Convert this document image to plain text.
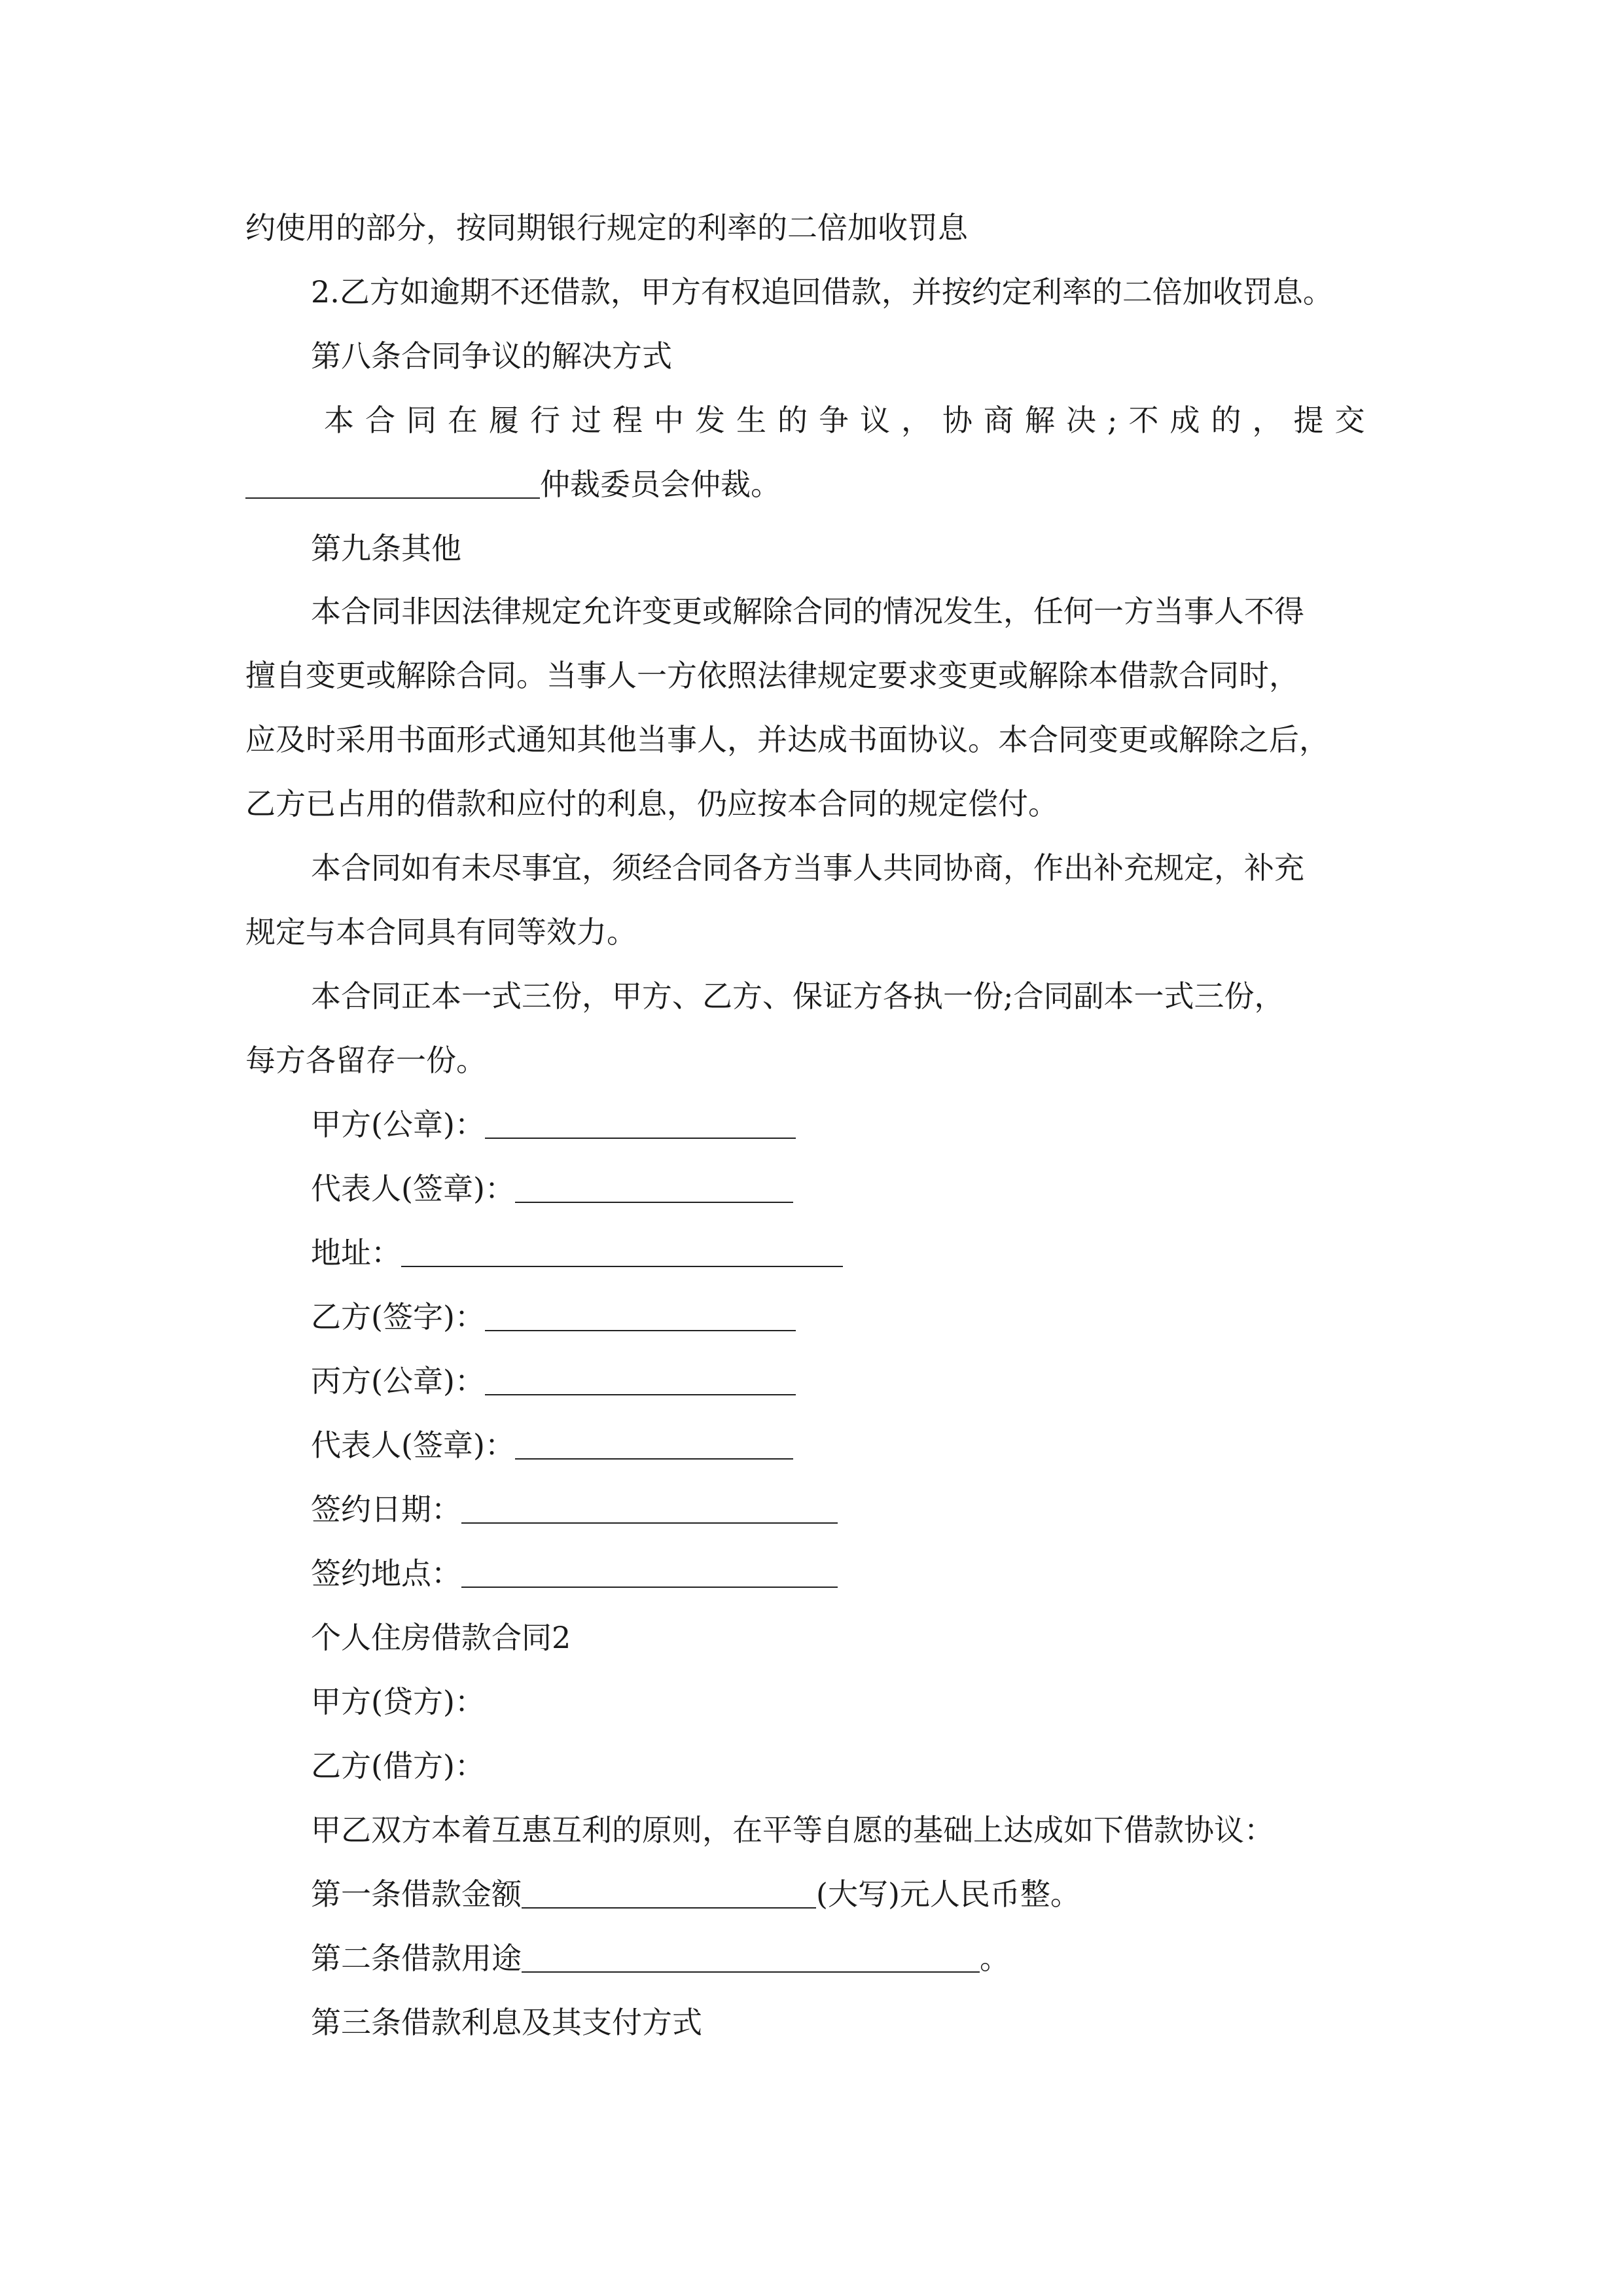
约使用的部分，按同期银行规定的利率的二倍加收罚息
2.乙方如逾期不还借款，甲方有权追回借款，并按约定利率的二倍加收罚息。
第八条合同争议的解决方式
本合同在履行过程中发生的争议，协商解决;不成的，提交
仲裁委员会仲裁。
第九条其他
本合同非因法律规定允许变更或解除合同的情况发生，任何一方当事人不得
擅自变更或解除合同。当事人一方依照法律规定要求变更或解除本借款合同时，
应及时采用书面形式通知其他当事人，并达成书面协议。本合同变更或解除之后，
乙方已占用的借款和应付的利息，仍应按本合同的规定偿付。
本合同如有未尽事宜，须经合同各方当事人共同协商，作出补充规定，补充
规定与本合同具有同等效力。
本合同正本一式三份，甲方、乙方、保证方各执一份;合同副本一式三份，
每方各留存一份。
甲方(公章)：
代表人(签章)：
地址：
乙方(签字)：
丙方(公章)：
代表人(签章)：
签约日期：
签约地点：
个人住房借款合同2
甲方(贷方)：
乙方(借方)：
甲乙双方本着互惠互利的原则，在平等自愿的基础上达成如下借款协议：
第一条借款金额	(大写)元人民币整。
第二条借款用途	。
第三条借款利息及其支付方式
